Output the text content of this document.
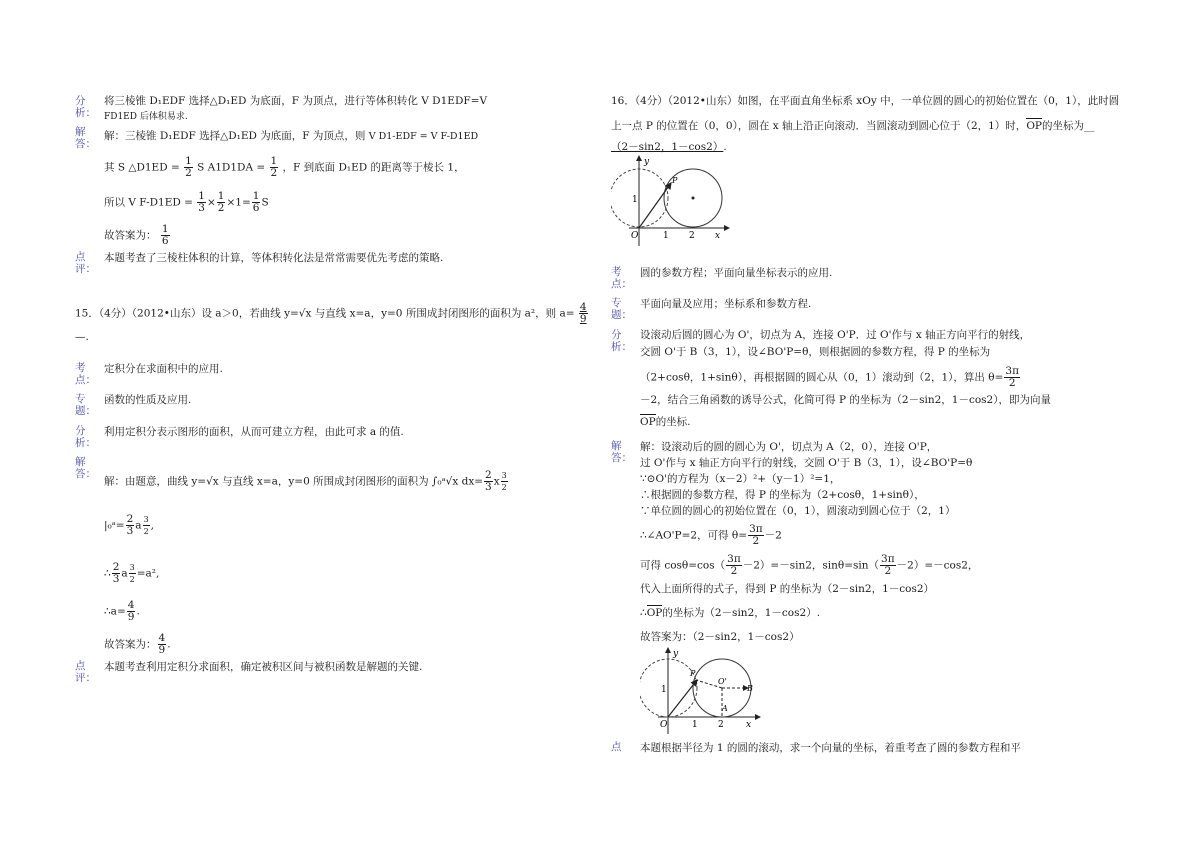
分析：
将三棱锥 D₁EDF 选择△D₁ED 为底面，F 为顶点，进行等体积转化 V D1EDF=V
FD1ED 后体积易求.
解答：
解：三棱锥 D₁EDF 选择△D₁ED 为底面，F 为顶点，则 V D1-EDF = V F-D1ED
其 S △D1ED = $\frac{1}{2}$ S $A1D1DA = \frac{1}{2}$ ，F 到底面 D₁ED 的距离等于棱长 1，
所以 V $F-D1ED = \frac{1}{3} \times \frac{1}{2} \times 1= \frac{1}{6}$ S
故答案为： $\frac{1}{6}$
点评：
本题考查了三棱柱体积的计算，等体积转化法是常常需要优先考虑的策略.
15．（4分）（2012•山东）设 a＞0，若曲线 y=√x 与直线 x=a，y=0 所围成封闭图形的面积为 a²，则 $a= \frac{4}{9}$
—.
考点：
定积分在求面积中的应用.
专题：
函数的性质及应用.
分析：
利用定积分表示图形的面积，从而可建立方程，由此可求 a 的值.
解答：
解：由题意，曲线 y=√x 与直线 x=a，y=0 所围成封闭图形的面积为 ∫₀ᵃ√x $dx= \frac{2}{3}$ x $\frac{3}{2}$
|₀ᵃ= $\frac{2}{3}$ a $\frac{3}{2}$ ,
∴ $\frac{2}{3}$ a $\frac{3}{2} =a^2$,
∴a= $\frac{4}{9}$ .
故答案为： $\frac{4}{9}$ .
点评：
本题考查利用定积分求面积，确定被积区间与被积函数是解题的关键.
16．（4分）（2012•山东）如图，在平面直角坐标系 xOy 中，一单位圆的圆心的初始位置在（0，1），此时圆
上一点 P 的位置在（0，0），圆在 x 轴上沿正向滚动．当圆滚动到圆心位于（2，1）时，OP的坐标为__
（2－sin2，1－cos2）.
y
O	1 2 x
1
P
考点：
圆的参数方程；平面向量坐标表示的应用.
专题：
平面向量及应用；坐标系和参数方程.
分析：
设滚动后圆的圆心为 O'，切点为 A，连接 O'P．过 O'作与 x 轴正方向平行的射线，
交圆 O'于 B（3，1），设∠BO'P=θ，则根据圆的参数方程，得 P 的坐标为
（2+cosθ，1+sinθ），再根据圆的圆心从（0，1）滚动到（2，1），算出 $\theta= \frac{3\pi}{2}$
－2，结合三角函数的诱导公式，化简可得 P 的坐标为（2－sin2，1－cos2），即为向量
OP的坐标.
解答：
解：设滚动后的圆的圆心为 O'，切点为 A（2，0），连接 O'P，
过 O'作与 x 轴正方向平行的射线，交圆 O'于 B（3，1），设∠BO'P=θ
∵⊙O'的方程为（x－2）²+（y－1）²=1，
∴根据圆的参数方程，得 P 的坐标为（2+cosθ，1+sinθ），
∵单位圆的圆心的初始位置在（0，1），圆滚动到圆心位于（2，1）
∴∠AO'P=2，可得 $\theta= \frac{3\pi}{2} -2$
可得 $\cos\theta=\cos( \frac{3\pi}{2} -2)=-\sin 2$，$\sin\theta=\sin( \frac{3\pi}{2} -2)=-\cos 2$，
代入上面所得的式子，得到 P 的坐标为（2－sin2，1－cos2）
∴OP的坐标为（2－sin2，1－cos2）.
故答案为：（2－sin2，1－cos2）
y
O	1 2 x
1
P
O'
B
A
点	本题根据半径为 1 的圆的滚动，求一个向量的坐标，着重考查了圆的参数方程和平
